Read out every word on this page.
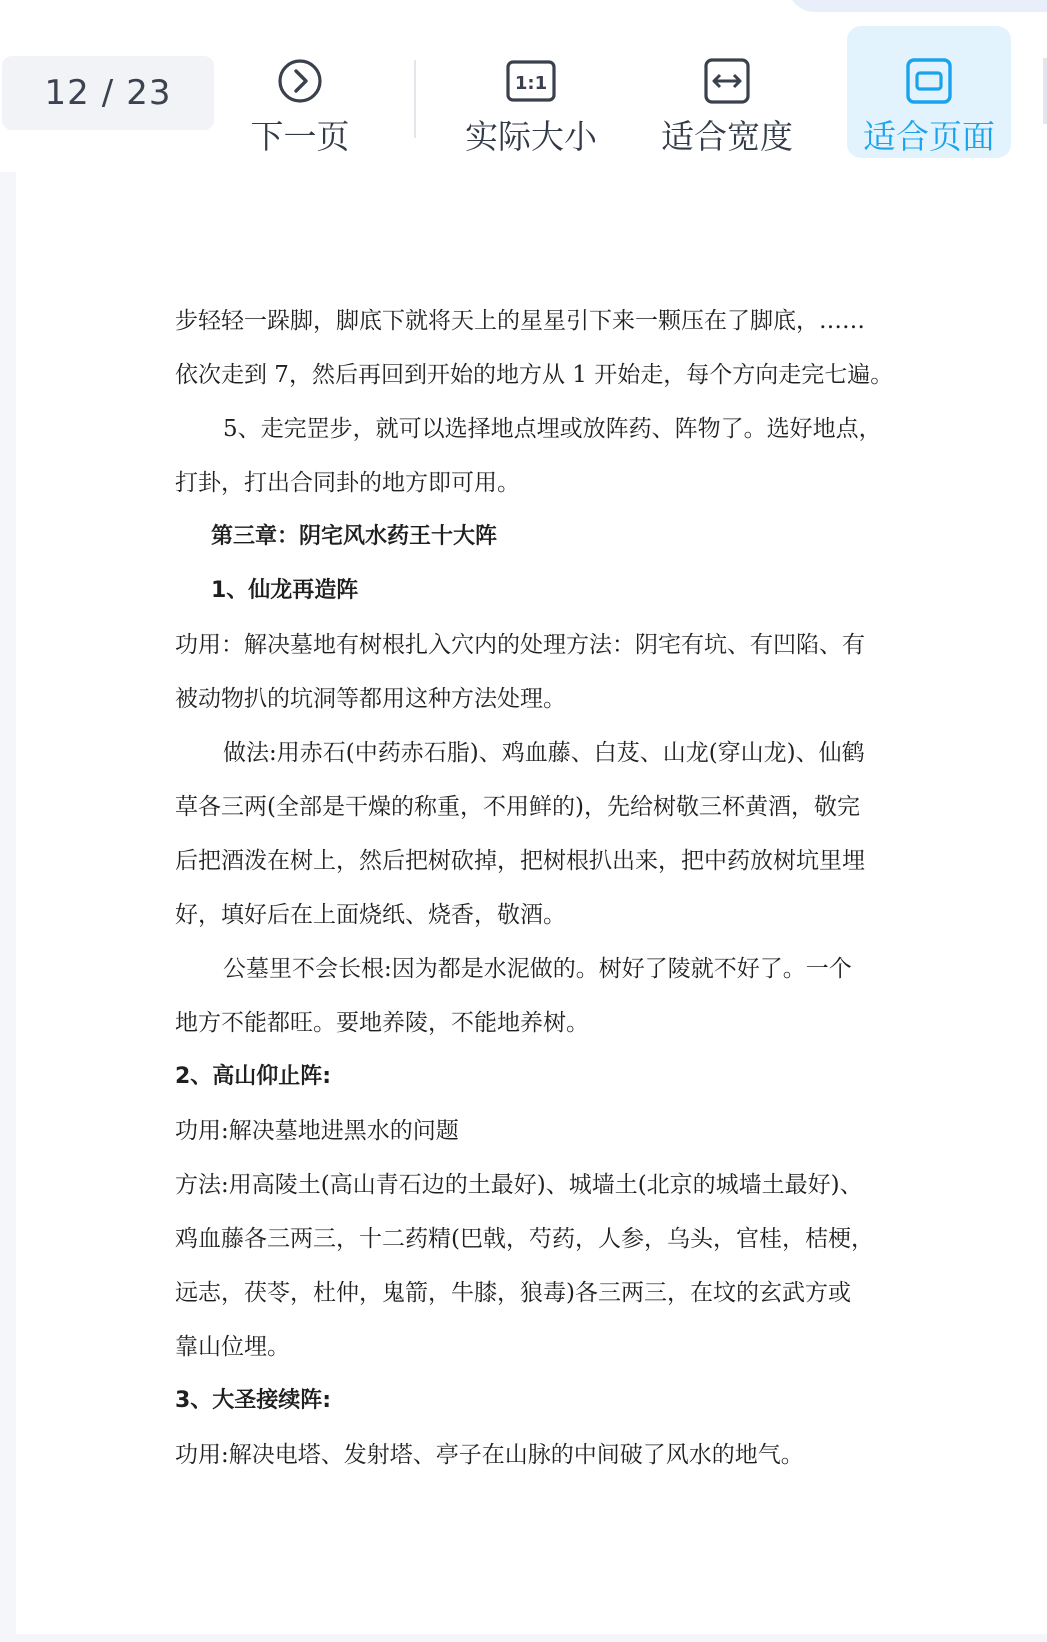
12 / 23
下一页
1:1
实际大小 适合宽度 适合页面
步轻轻一跺脚，脚底下就将天上的星星引下来一颗压在了脚底，……
依次走到 7，然后再回到开始的地方从 1 开始走，每个方向走完七遍。
5、走完罡步，就可以选择地点埋或放阵药、阵物了。选好地点，
打卦，打出合同卦的地方即可用。
第三章：阴宅风水药王十大阵
1、仙龙再造阵
功用：解决墓地有树根扎入穴内的处理方法：阴宅有坑、有凹陷、有
被动物扒的坑洞等都用这种方法处理。
做法:用赤石(中药赤石脂)、鸡血藤、白芨、山龙(穿山龙)、仙鹤
草各三两(全部是干燥的称重，不用鲜的)，先给树敬三杯黄酒，敬完
后把酒泼在树上，然后把树砍掉，把树根扒出来，把中药放树坑里埋
好，填好后在上面烧纸、烧香，敬酒。
公墓里不会长根:因为都是水泥做的。树好了陵就不好了。一个
地方不能都旺。要地养陵，不能地养树。
2、高山仰止阵:
功用:解决墓地进黑水的问题
方法:用高陵土(高山青石边的土最好)、城墙土(北京的城墙土最好)、
鸡血藤各三两三，十二药精(巴戟，芍药，人参，乌头，官桂，桔梗，
远志，茯苓，杜仲，鬼箭，牛膝，狼毒)各三两三，在坟的玄武方或
靠山位埋。
3、大圣接续阵:
功用:解决电塔、发射塔、亭子在山脉的中间破了风水的地气。
